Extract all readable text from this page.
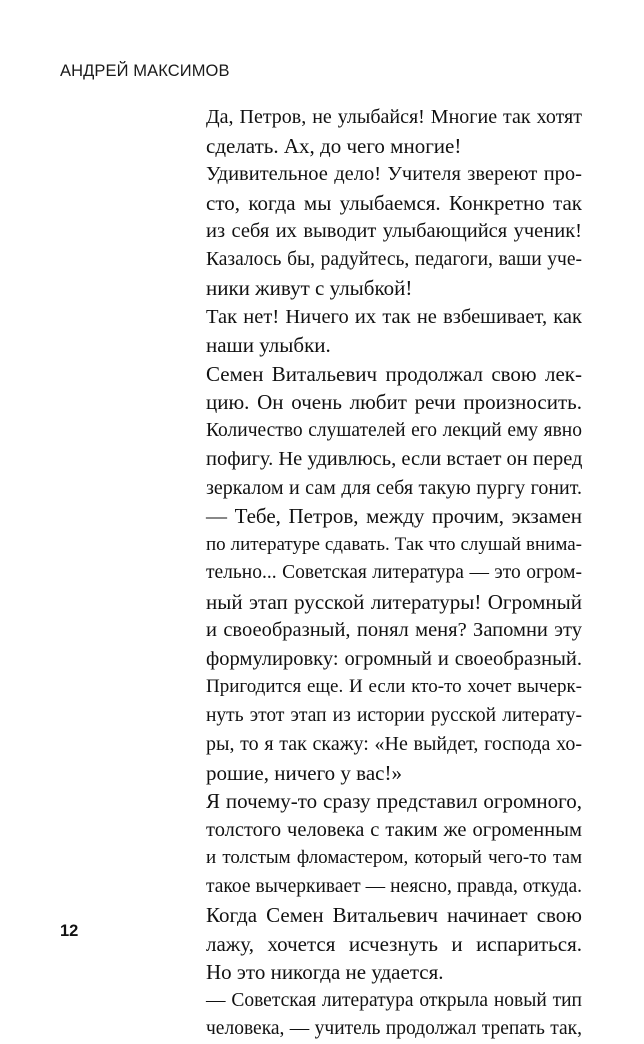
АНДРЕЙ МАКСИМОВ
Да, Петров, не улыбайся! Многие так хотят
сделать. Ах, до чего многие!
Удивительное дело! Учителя звереют про-
сто, когда мы улыбаемся. Конкретно так
из себя их выводит улыбающийся ученик!
Казалось бы, радуйтесь, педагоги, ваши уче-
ники живут с улыбкой!
Так нет! Ничего их так не взбешивает, как
наши улыбки.
Семен Витальевич продолжал свою лек-
цию. Он очень любит речи произносить.
Количество слушателей его лекций ему явно
пофигу. Не удивлюсь, если встает он перед
зеркалом и сам для себя такую пургу гонит.
— Тебе, Петров, между прочим, экзамен
по литературе сдавать. Так что слушай внима-
тельно... Советская литература — это огром-
ный этап русской литературы! Огромный
и своеобразный, понял меня? Запомни эту
формулировку: огромный и своеобразный.
Пригодится еще. И если кто-то хочет вычерк-
нуть этот этап из истории русской литерату-
ры, то я так скажу: «Не выйдет, господа хо-
рошие, ничего у вас!»
Я почему-то сразу представил огромного,
толстого человека с таким же огроменным
и толстым фломастером, который чего-то там
такое вычеркивает — неясно, правда, откуда.
Когда Семен Витальевич начинает свою
лажу, хочется исчезнуть и испариться.
Но это никогда не удается.
— Советская литература открыла новый тип
человека, — учитель продолжал трепать так,
12
